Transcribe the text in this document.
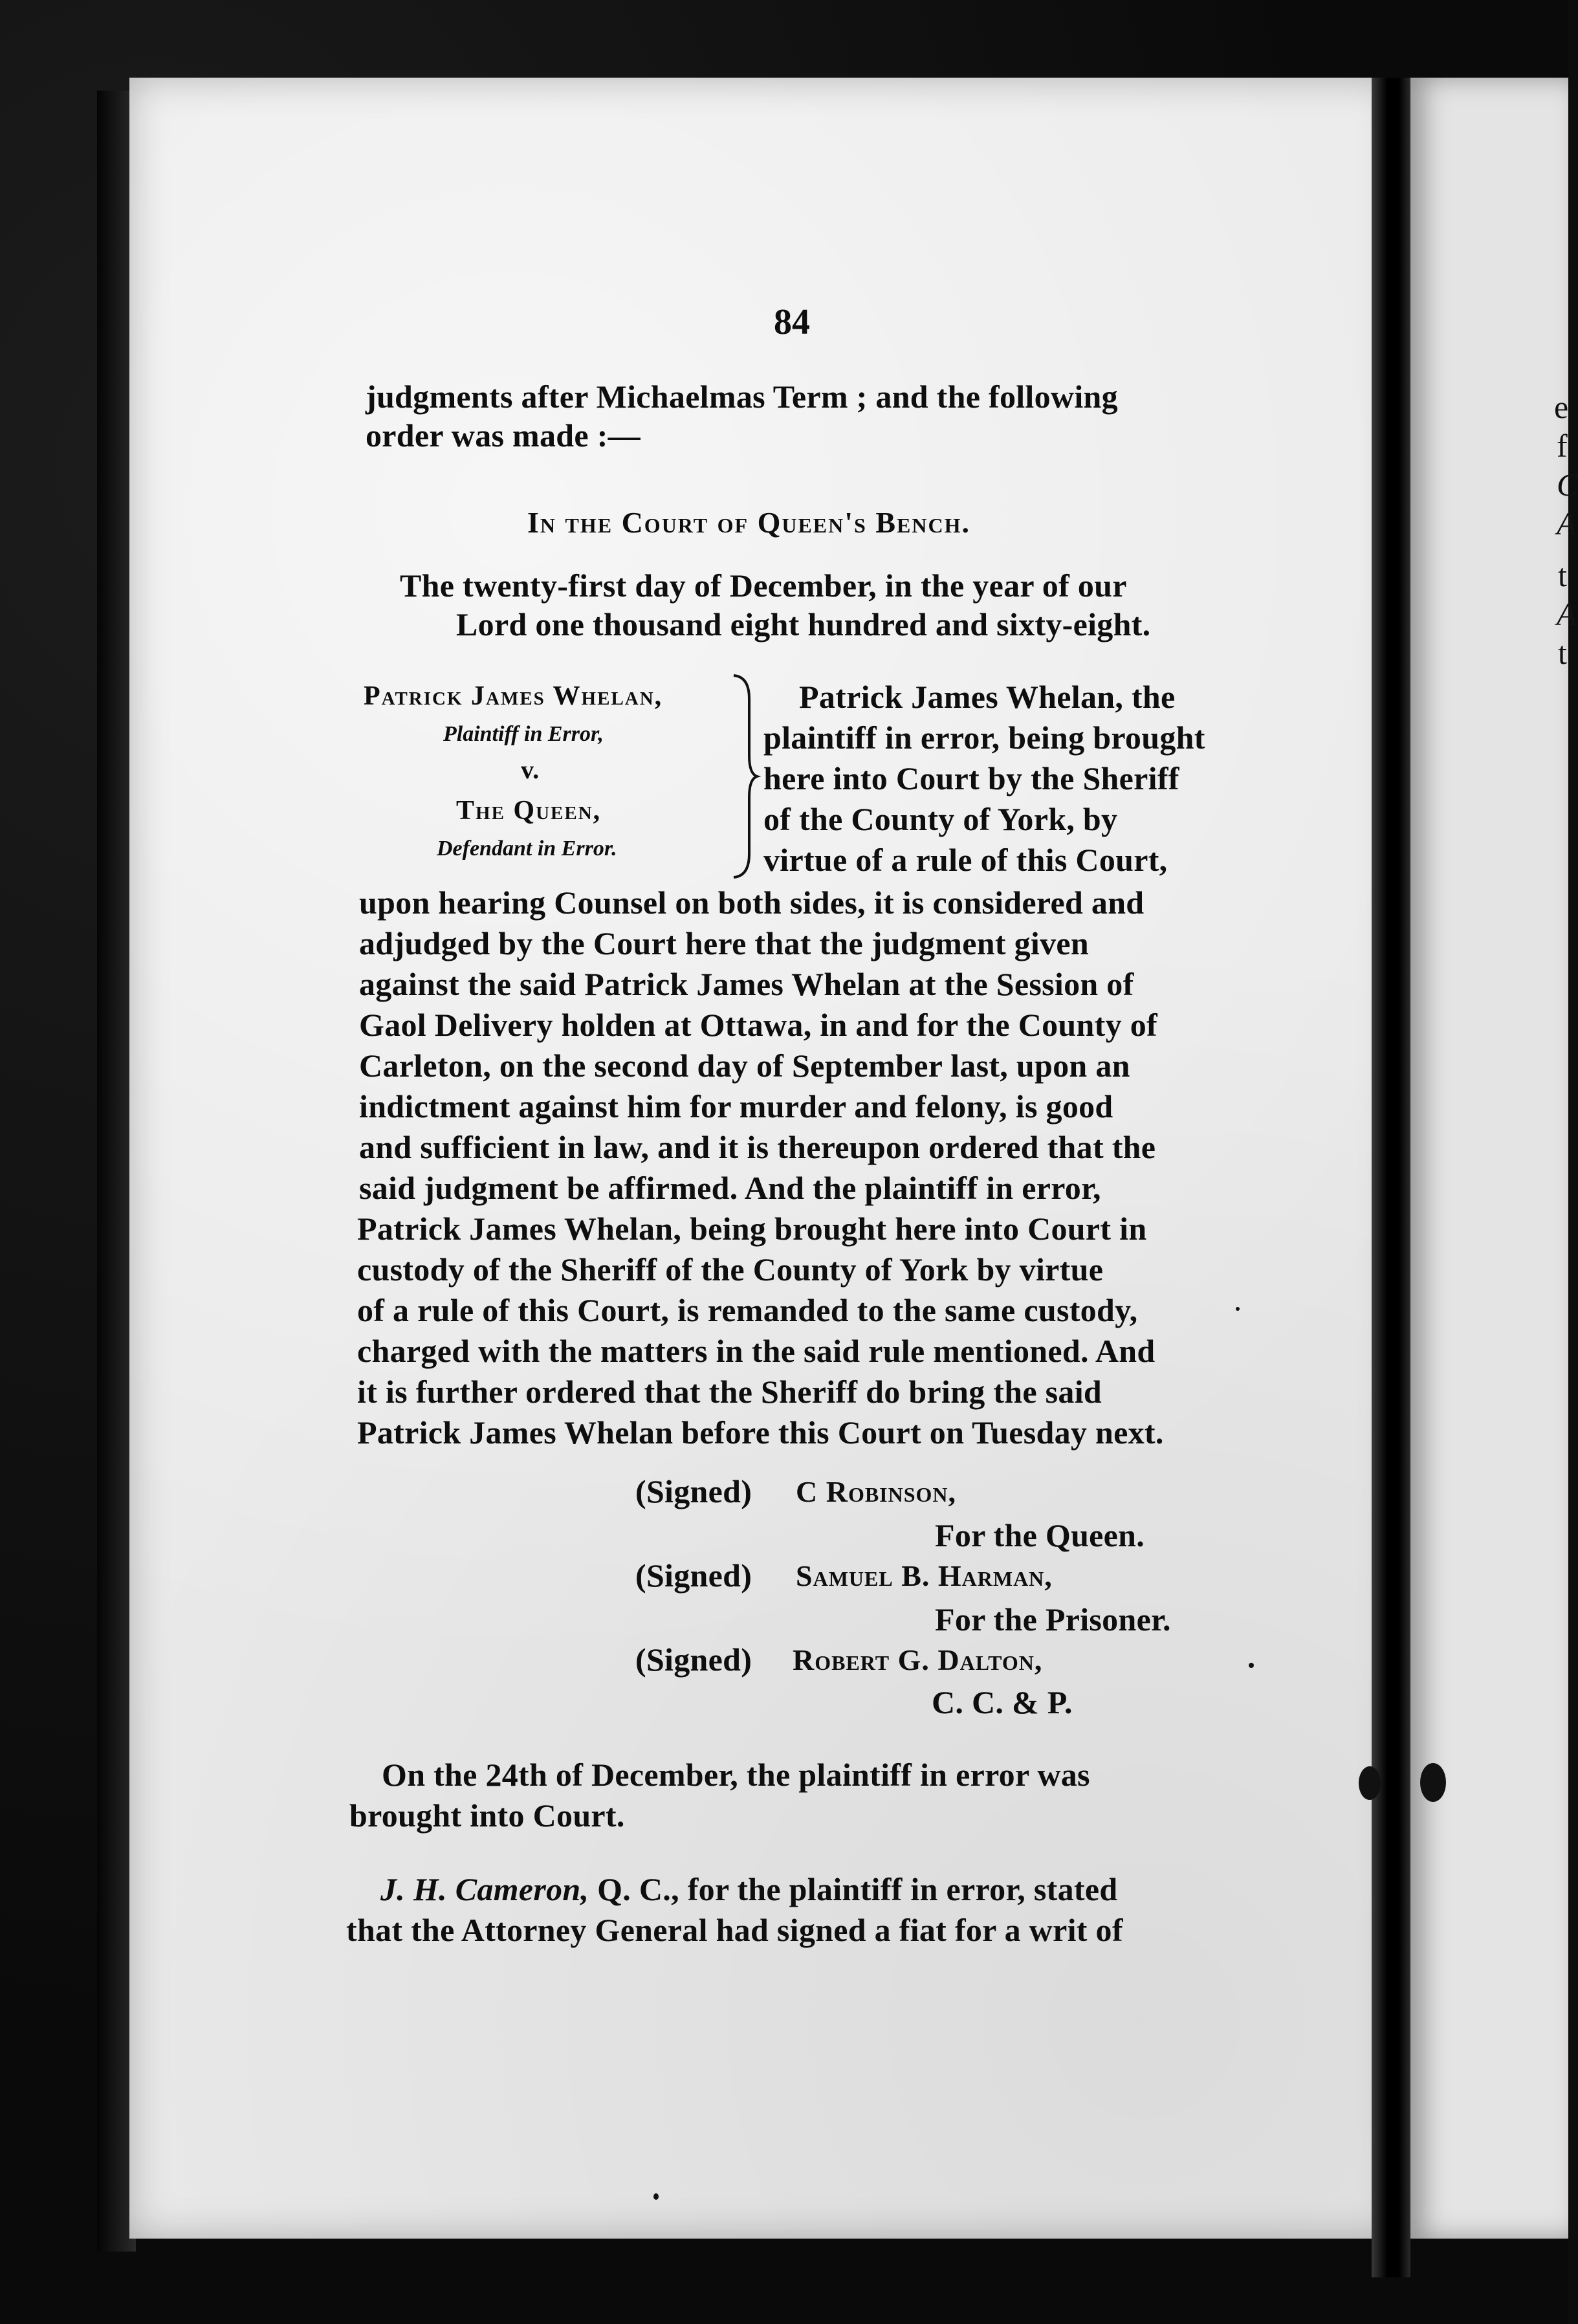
e
f
C
A
t
A
t
84
judgments after Michaelmas Term ; and the following
order was made :—
In the Court of Queen's Bench.
The twenty-first day of December, in the year of our
Lord one thousand eight hundred and sixty-eight.
Patrick James Whelan,
Plaintiff in Error,
v.
The Queen,
Defendant in Error.
Patrick James Whelan, the
plaintiff in error, being brought
here into Court by the Sheriff
of the County of York, by
virtue of a rule of this Court,
upon hearing Counsel on both sides, it is considered and
adjudged by the Court here that the judgment given
against the said Patrick James Whelan at the Session of
Gaol Delivery holden at Ottawa, in and for the County of
Carleton, on the second day of September last, upon an
indictment against him for murder and felony, is good
and sufficient in law, and it is thereupon ordered that the
said judgment be affirmed. And the plaintiff in error,
Patrick James Whelan, being brought here into Court in
custody of the Sheriff of the County of York by virtue
of a rule of this Court, is remanded to the same custody,
charged with the matters in the said rule mentioned. And
it is further ordered that the Sheriff do bring the said
Patrick James Whelan before this Court on Tuesday next.
(Signed) C Robinson,
For the Queen.
(Signed) Samuel B. Harman,
For the Prisoner.
(Signed) Robert G. Dalton,
C. C. & P.
On the 24th of December, the plaintiff in error was
brought into Court.
J. H. Cameron, Q. C., for the plaintiff in error, stated
that the Attorney General had signed a fiat for a writ of
